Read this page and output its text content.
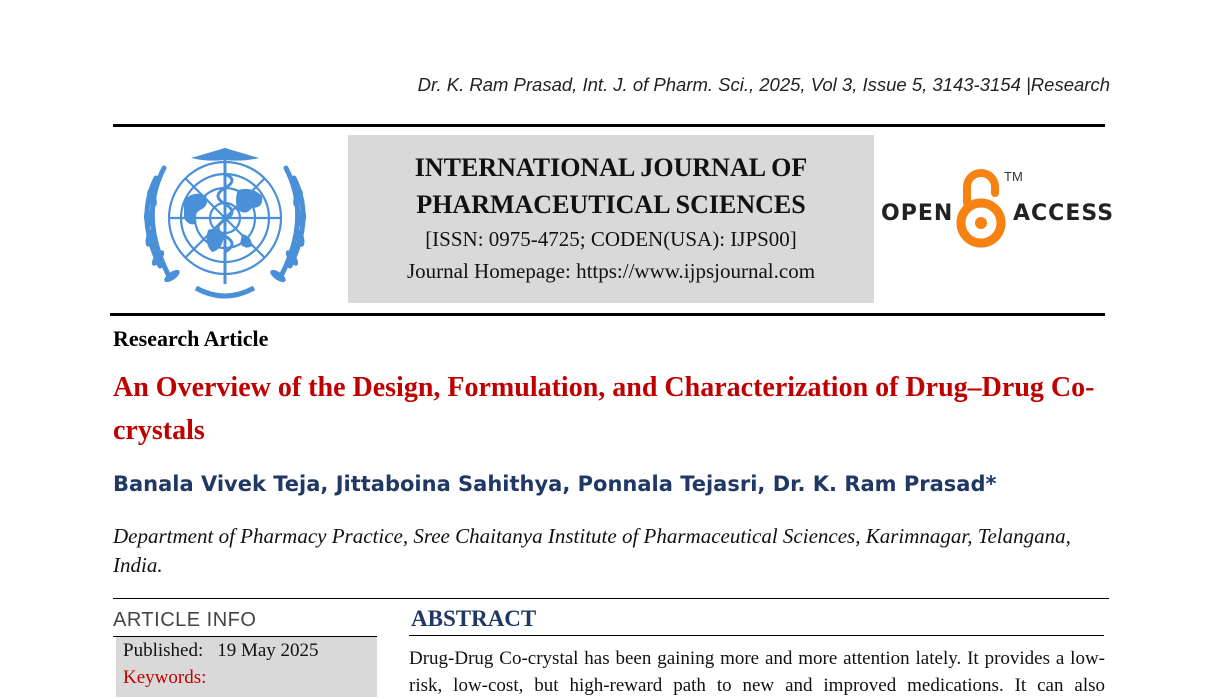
Dr. K. Ram Prasad, Int. J. of Pharm. Sci., 2025, Vol 3, Issue 5, 3143-3154 |Research
INTERNATIONAL JOURNAL OF
PHARMACEUTICAL SCIENCES
[ISSN: 0975-4725; CODEN(USA): IJPS00]
Journal Homepage: https://www.ijpsjournal.com
OPEN
TM
ACCESS
Research Article
An Overview of the Design, Formulation, and Characterization of Drug–Drug Co-crystals
Banala Vivek Teja, Jittaboina Sahithya, Ponnala Tejasri, Dr. K. Ram Prasad*
Department of Pharmacy Practice, Sree Chaitanya Institute of Pharmaceutical Sciences, Karimnagar, Telangana, India.
ARTICLE INFO
Published: 19 May 2025
Keywords:
ABSTRACT
Drug-Drug Co-crystal has been gaining more and more attention lately. It provides a low-risk, low-cost, but high-reward path to new and improved medications. It can also
